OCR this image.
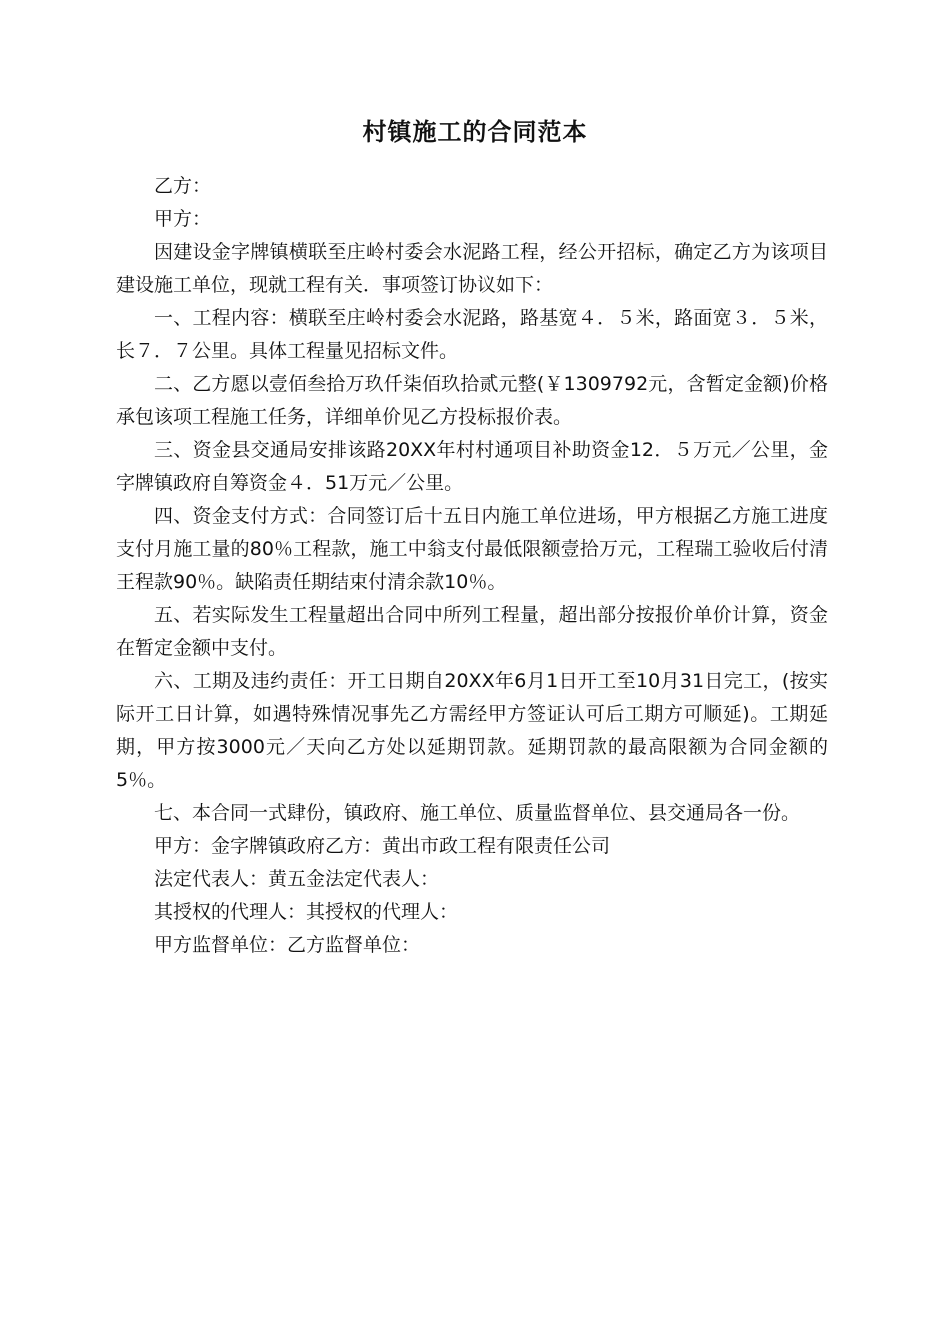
村镇施工的合同范本

乙方：

甲方：

因建设金字牌镇横联至庄岭村委会水泥路工程，经公开招标，确定乙方为该项目建设施工单位，现就工程有关．事项签订协议如下：

一、工程内容：横联至庄岭村委会水泥路，路基宽４．５米，路面宽３．５米，长７．７公里。具体工程量见招标文件。

二、乙方愿以壹佰叁拾万玖仟柒佰玖拾贰元整(￥1309792元，含暂定金额)价格承包该项工程施工任务，详细单价见乙方投标报价表。

三、资金县交通局安排该路20XX年村村通项目补助资金12．５万元／公里，金字牌镇政府自筹资金４．51万元／公里。

四、资金支付方式：合同签订后十五日内施工单位进场，甲方根据乙方施工进度支付月施工量的80％工程款，施工中翁支付最低限额壹拾万元，工程瑞工验收后付清王程款90％。缺陷责任期结束付清余款10％。

五、若实际发生工程量超出合同中所列工程量，超出部分按报价单价计算，资金在暂定金额中支付。

六、工期及违约责任：开工日期自20XX年6月1日开工至10月31日完工，(按实际开工日计算，如遇特殊情况事先乙方需经甲方签证认可后工期方可顺延)。工期延期，甲方按3000元／天向乙方处以延期罚款。延期罚款的最高限额为合同金额的5％。

七、本合同一式肆份，镇政府、施工单位、质量监督单位、县交通局各一份。

甲方：金字牌镇政府乙方：黄出市政工程有限责任公司

法定代表人：黄五金法定代表人：

其授权的代理人：其授权的代理人：

甲方监督单位：乙方监督单位：
